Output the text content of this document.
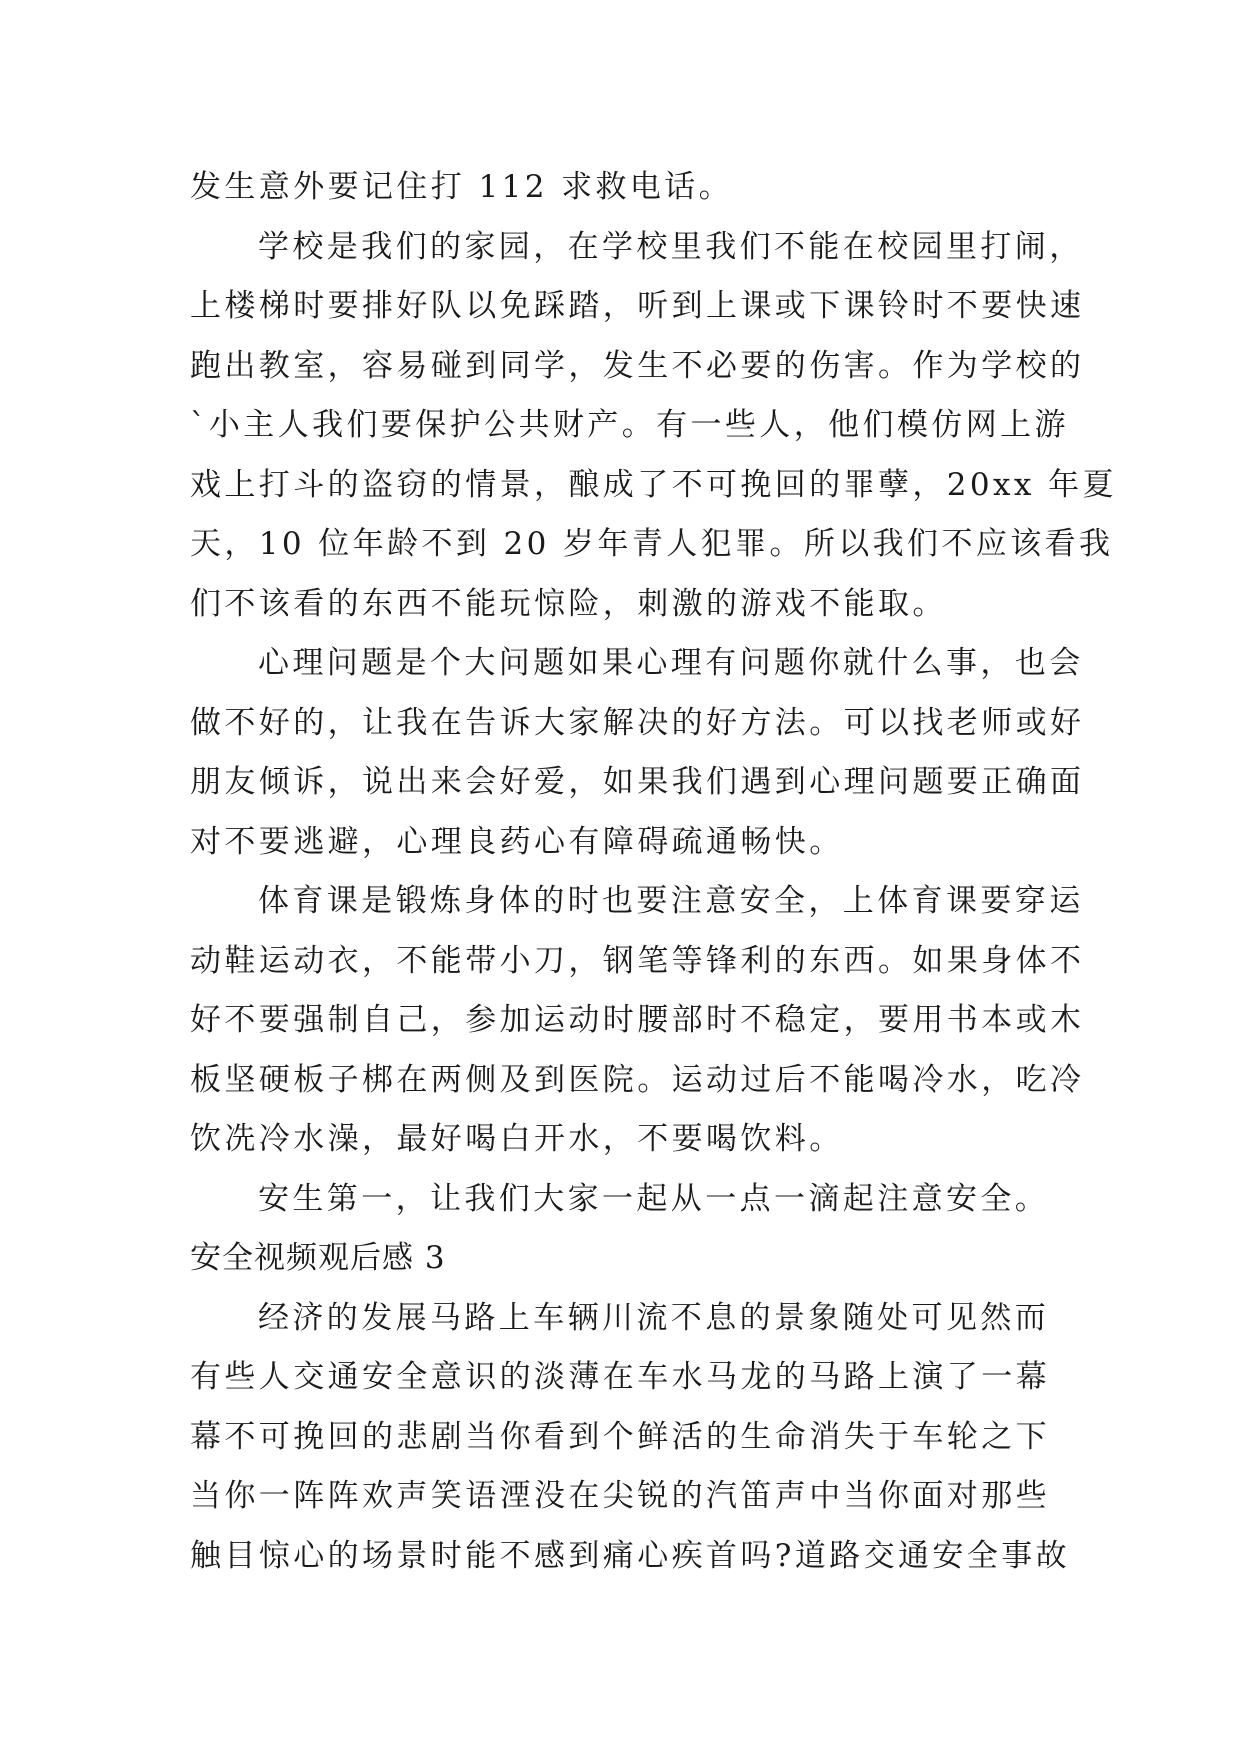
发生意外要记住打 112 求救电话。
学校是我们的家园，在学校里我们不能在校园里打闹，
上楼梯时要排好队以免踩踏，听到上课或下课铃时不要快速
跑出教室，容易碰到同学，发生不必要的伤害。作为学校的
`小主人我们要保护公共财产。有一些人，他们模仿网上游
戏上打斗的盗窃的情景，酿成了不可挽回的罪孽，20xx 年夏
天，10 位年龄不到 20 岁年青人犯罪。所以我们不应该看我
们不该看的东西不能玩惊险，刺激的游戏不能取。
心理问题是个大问题如果心理有问题你就什么事，也会
做不好的，让我在告诉大家解决的好方法。可以找老师或好
朋友倾诉，说出来会好爱，如果我们遇到心理问题要正确面
对不要逃避，心理良药心有障碍疏通畅快。
体育课是锻炼身体的时也要注意安全，上体育课要穿运
动鞋运动衣，不能带小刀，钢笔等锋利的东西。如果身体不
好不要强制自己，参加运动时腰部时不稳定，要用书本或木
板坚硬板子梆在两侧及到医院。运动过后不能喝冷水，吃冷
饮冼冷水澡，最好喝白开水，不要喝饮料。
安生第一，让我们大家一起从一点一滴起注意安全。
安全视频观后感 3
经济的发展马路上车辆川流不息的景象随处可见然而
有些人交通安全意识的淡薄在车水马龙的马路上演了一幕
幕不可挽回的悲剧当你看到个鲜活的生命消失于车轮之下
当你一阵阵欢声笑语湮没在尖锐的汽笛声中当你面对那些
触目惊心的场景时能不感到痛心疾首吗?道路交通安全事故
